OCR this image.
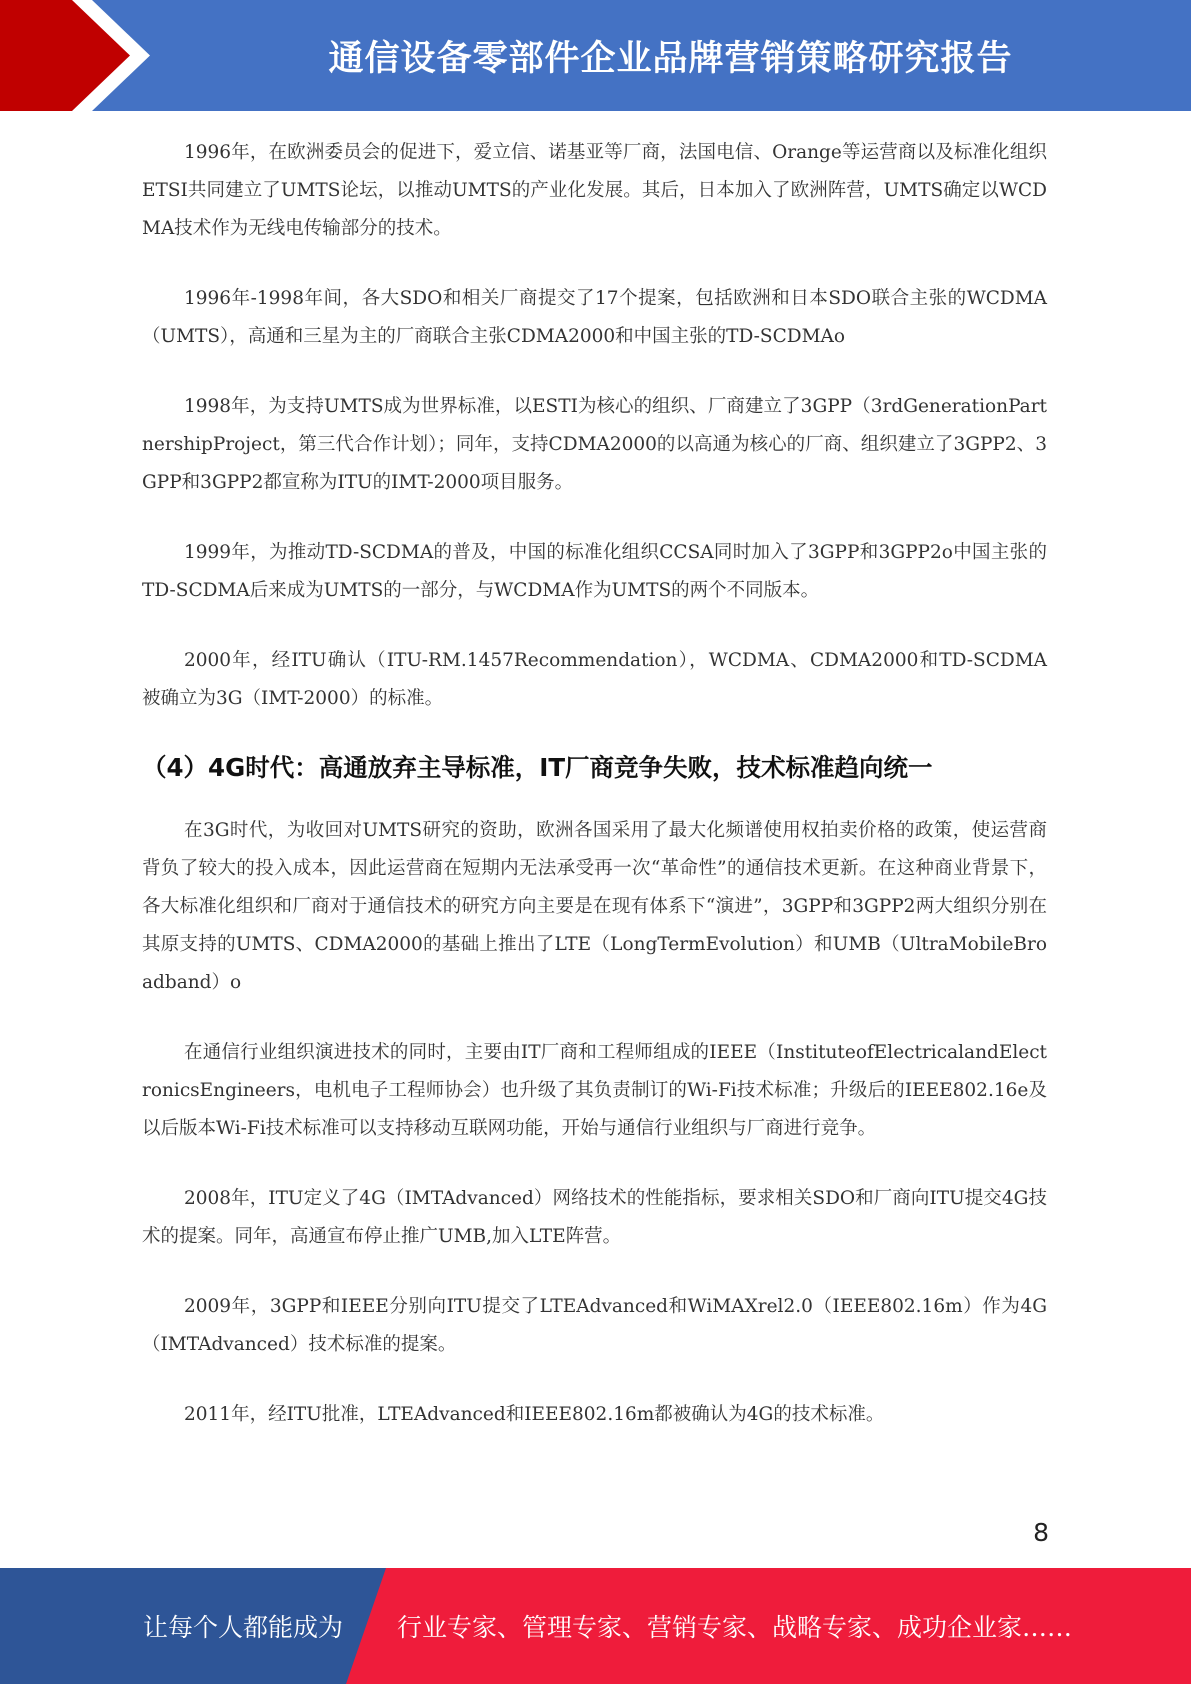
通信设备零部件企业品牌营销策略研究报告

1996年，在欧洲委员会的促进下，爱立信、诺基亚等厂商，法国电信、Orange等运营商以及标准化组织ETSI共同建立了UMTS论坛，以推动UMTS的产业化发展。其后，日本加入了欧洲阵营，UMTS确定以WCDMA技术作为无线电传输部分的技术。

1996年-1998年间，各大SDO和相关厂商提交了17个提案，包括欧洲和日本SDO联合主张的WCDMA（UMTS），高通和三星为主的厂商联合主张CDMA2000和中国主张的TD-SCDMAo

1998年，为支持UMTS成为世界标准，以ESTI为核心的组织、厂商建立了3GPP（3rdGenerationPartnershipProject，第三代合作计划）；同年，支持CDMA2000的以高通为核心的厂商、组织建立了3GPP2、3GPP和3GPP2都宣称为ITU的IMT-2000项目服务。

1999年，为推动TD-SCDMA的普及，中国的标准化组织CCSA同时加入了3GPP和3GPP2o中国主张的TD-SCDMA后来成为UMTS的一部分，与WCDMA作为UMTS的两个不同版本。

2000年，经ITU确认（ITU-RM.1457Recommendation），WCDMA、CDMA2000和TD-SCDMA被确立为3G（IMT-2000）的标准。

（4）4G时代：高通放弃主导标准，IT厂商竞争失败，技术标准趋向统一

在3G时代，为收回对UMTS研究的资助，欧洲各国采用了最大化频谱使用权拍卖价格的政策，使运营商背负了较大的投入成本，因此运营商在短期内无法承受再一次“革命性”的通信技术更新。在这种商业背景下，各大标准化组织和厂商对于通信技术的研究方向主要是在现有体系下“演进”，3GPP和3GPP2两大组织分别在其原支持的UMTS、CDMA2000的基础上推出了LTE（LongTermEvolution）和UMB（UltraMobileBroadband）o

在通信行业组织演进技术的同时，主要由IT厂商和工程师组成的IEEE（InstituteofElectricalandElectronicsEngineers，电机电子工程师协会）也升级了其负责制订的Wi-Fi技术标准；升级后的IEEE802.16e及以后版本Wi-Fi技术标准可以支持移动互联网功能，开始与通信行业组织与厂商进行竞争。

2008年，ITU定义了4G（IMTAdvanced）网络技术的性能指标，要求相关SDO和厂商向ITU提交4G技术的提案。同年，高通宣布停止推广UMB,加入LTE阵营。

2009年，3GPP和IEEE分别向ITU提交了LTEAdvanced和WiMAXrel2.0（IEEE802.16m）作为4G（IMTAdvanced）技术标准的提案。

2011年，经ITU批准，LTEAdvanced和IEEE802.16m都被确认为4G的技术标准。

8
让每个人都能成为 行业专家、管理专家、营销专家、战略专家、成功企业家……
